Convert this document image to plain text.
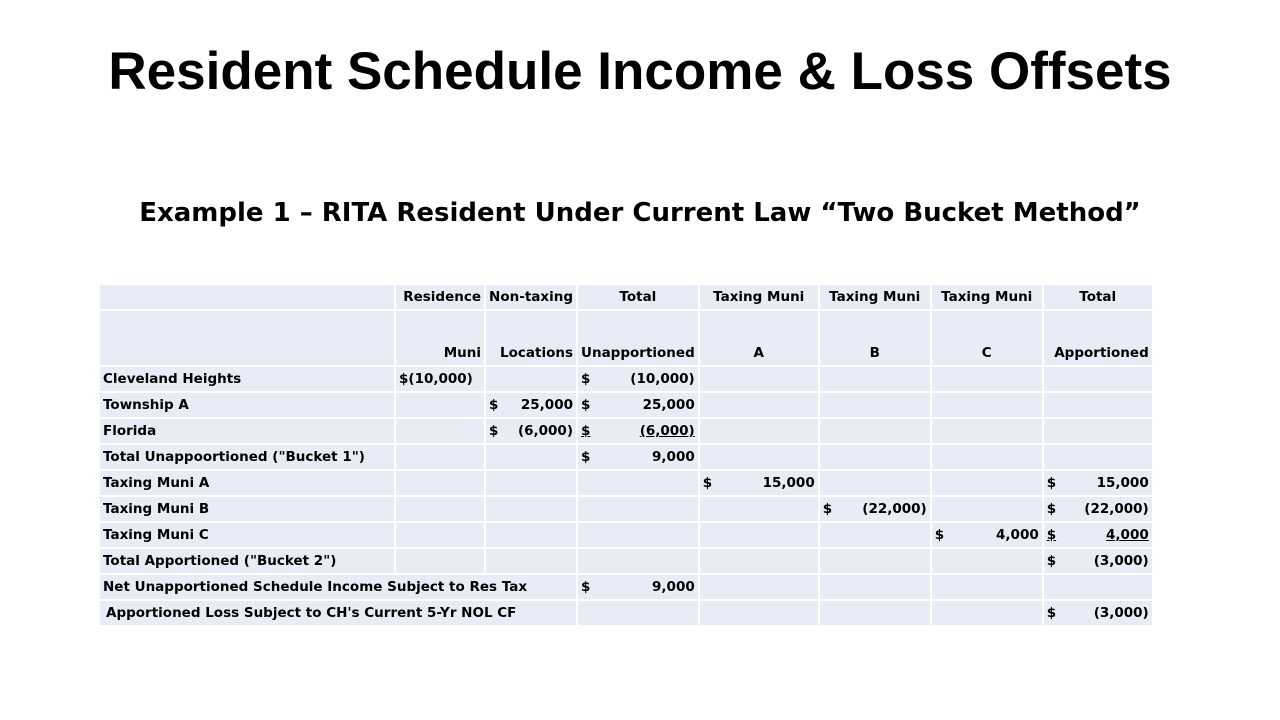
Resident Schedule Income & Loss Offsets
Example 1 – RITA Resident Under Current Law “Two Bucket Method”
	Residence	Non-taxing	Total	Taxing Muni	Taxing Muni	Taxing Muni	Total
	Muni	Locations	Unapportioned	A	B	C	Apportioned
Cleveland Heights	$(10,000)		$ (10,000)				

Township A		$ 25,000	$ 25,000				

Florida		$ (6,000)	$ (6,000)				

Total Unappoortioned ("Bucket 1")			$ 9,000				

Taxing Muni A				$ 15,000			$ 15,000

Taxing Muni B					$ (22,000)		$ (22,000)

Taxing Muni C						$ 4,000	$ 4,000

Total Apportioned ("Bucket 2")							$ (3,000)

Net Unapportioned Schedule Income Subject to Res Tax			$ 9,000				

Apportioned Loss Subject to CH's Current 5-Yr NOL CF							$ (3,000)
